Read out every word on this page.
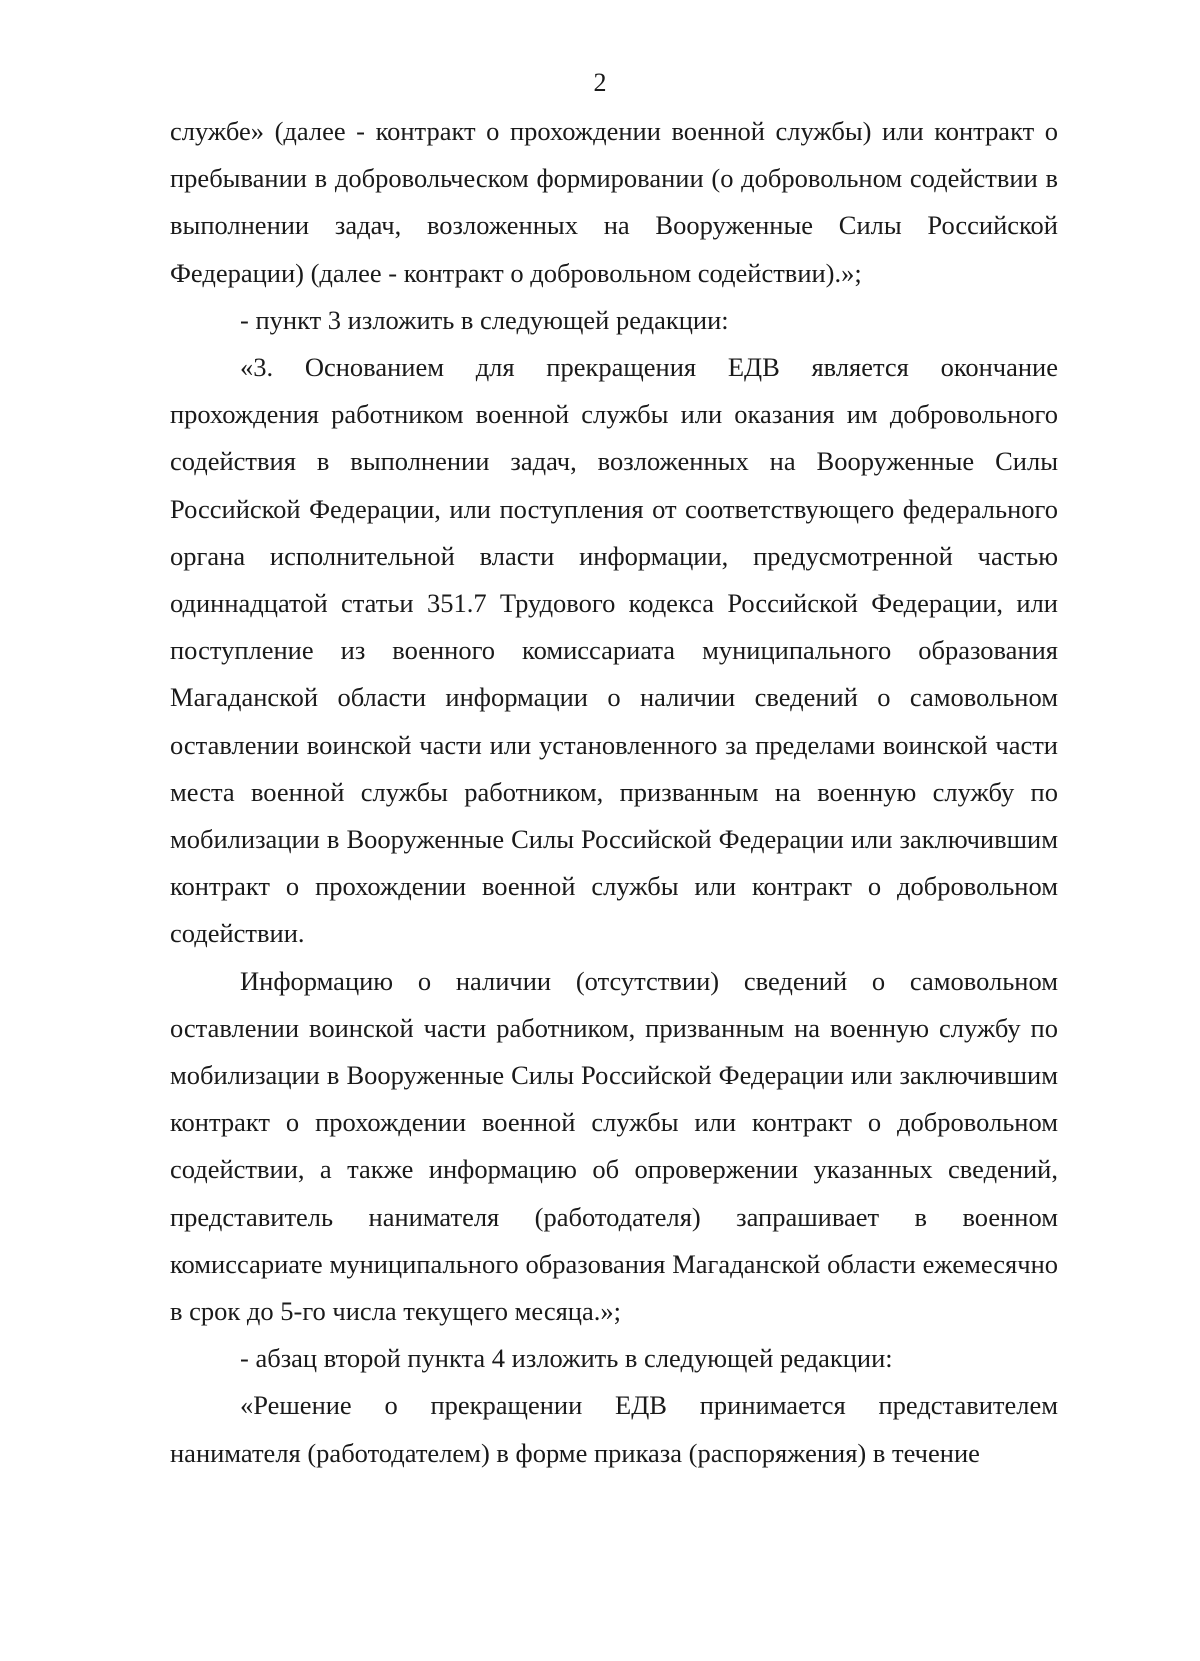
2

службе» (далее - контракт о прохождении военной службы) или контракт о пребывании в добровольческом формировании (о добровольном содействии в выполнении задач, возложенных на Вооруженные Силы Российской Федерации) (далее - контракт о добровольном содействии).»;

- пункт 3 изложить в следующей редакции:

«3. Основанием для прекращения ЕДВ является окончание прохождения работником военной службы или оказания им добровольного содействия в выполнении задач, возложенных на Вооруженные Силы Российской Федерации, или поступления от соответствующего федерального органа исполнительной власти информации, предусмотренной частью одиннадцатой статьи 351.7 Трудового кодекса Российской Федерации, или поступление из военного комиссариата муниципального образования Магаданской области информации о наличии сведений о самовольном оставлении воинской части или установленного за пределами воинской части места военной службы работником, призванным на военную службу по мобилизации в Вооруженные Силы Российской Федерации или заключившим контракт о прохождении военной службы или контракт о добровольном содействии.

Информацию о наличии (отсутствии) сведений о самовольном оставлении воинской части работником, призванным на военную службу по мобилизации в Вооруженные Силы Российской Федерации или заключившим контракт о прохождении военной службы или контракт о добровольном содействии, а также информацию об опровержении указанных сведений, представитель нанимателя (работодателя) запрашивает в военном комиссариате муниципального образования Магаданской области ежемесячно в срок до 5-го числа текущего месяца.»;

- абзац второй пункта 4 изложить в следующей редакции:

«Решение о прекращении ЕДВ принимается представителем нанимателя (работодателем) в форме приказа (распоряжения) в течение
